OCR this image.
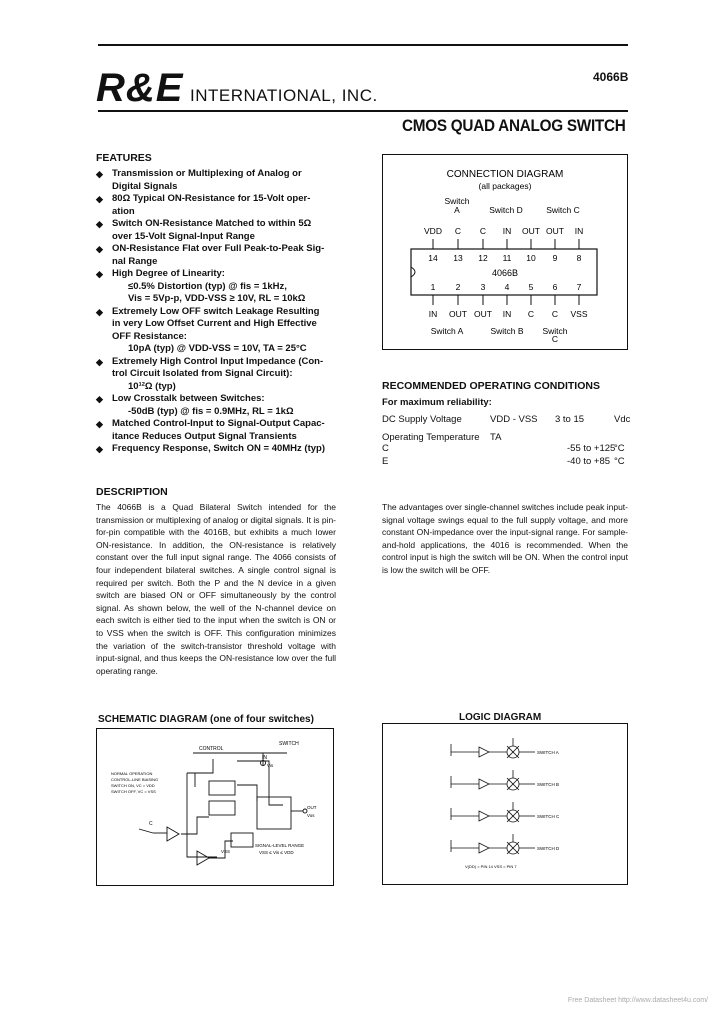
R&E INTERNATIONAL, INC.
4066B
CMOS QUAD ANALOG SWITCH
FEATURES
◆ Transmission or Multiplexing of Analog or
Digital Signals
◆ 80Ω Typical ON-Resistance for 15-Volt oper-
ation
◆ Switch ON-Resistance Matched to within 5Ω
over 15-Volt Signal-Input Range
◆ ON-Resistance Flat over Full Peak-to-Peak Sig-
nal Range
◆ High Degree of Linearity:
≤0.5% Distortion (typ) @ fis = 1kHz,
Vis = 5Vp-p, VDD-VSS ≥ 10V, RL = 10kΩ
◆ Extremely Low OFF switch Leakage Resulting
in very Low Offset Current and High Effective
OFF Resistance:
10pA (typ) @ VDD-VSS = 10V, TA = 25°C
◆ Extremely High Control Input Impedance (Con-
trol Circuit Isolated from Signal Circuit):
10¹²Ω (typ)
◆ Low Crosstalk between Switches:
-50dB (typ) @ fis = 0.9MHz, RL = 1kΩ
◆ Matched Control-Input to Signal-Output Capac-
itance Reduces Output Signal Transients
◆ Frequency Response, Switch ON = 40MHz (typ)
DESCRIPTION

The 4066B is a Quad Bilateral Switch intended for the transmission or multiplexing of analog or digital signals. It is pin-for-pin compatible with the 4016B, but exhibits a much lower ON-resistance. In addition, the ON-resistance is relatively constant over the full input signal range. The 4066 consists of four independent bilateral switches. A single control signal is required per switch. Both the P and the N device in a given switch are biased ON or OFF simultaneously by the control signal. As shown below, the well of the N-channel device on each switch is either tied to the input when the switch is ON or to VSS when the switch is OFF. This configuration minimizes the variation of the switch-transistor threshold voltage with input-signal, and thus keeps the ON-resistance low over the full operating range.

The advantages over single-channel switches include peak input-signal voltage swings equal to the full supply voltage, and more constant ON-impedance over the input-signal range. For sample-and-hold applications, the 4016 is recommended. When the control input is high the switch will be ON. When the control input is low the switch will be OFF.

CONNECTION DIAGRAM
(all packages)
Switch
A	Switch D	Switch C
VDD C C IN OUT OUT IN
14 13 12 11 10 9 8
4066B
1 2 3 4 5 6 7
IN OUT OUT IN C C VSS
Switch A	Switch B Switch
C
RECOMMENDED OPERATING CONDITIONS
For maximum reliability:
DC Supply Voltage	VDD - VSS 3 to 15	Vdc
Operating Temperature TA
C	-55 to +125
°C
E	-40 to +85 °C
SCHEMATIC DIAGRAM (one of four switches)
CONTROL
SWITCH
IN
Vis
NORMAL OPERATION
CONTROL-LINE BIASING
SWITCH ON, VC = VDD
SWITCH OFF, VC = VSS
C
VSS
OUT
Vos
SIGNAL-LEVEL RANGE
VSS ≤ Vis ≤ VDD
LOGIC DIAGRAM
SWITCH A
SWITCH B
SWITCH C
SWITCH D
V(DD) = PIN 14 VSS = PIN 7
Free Datasheet http://www.datasheet4u.com/
